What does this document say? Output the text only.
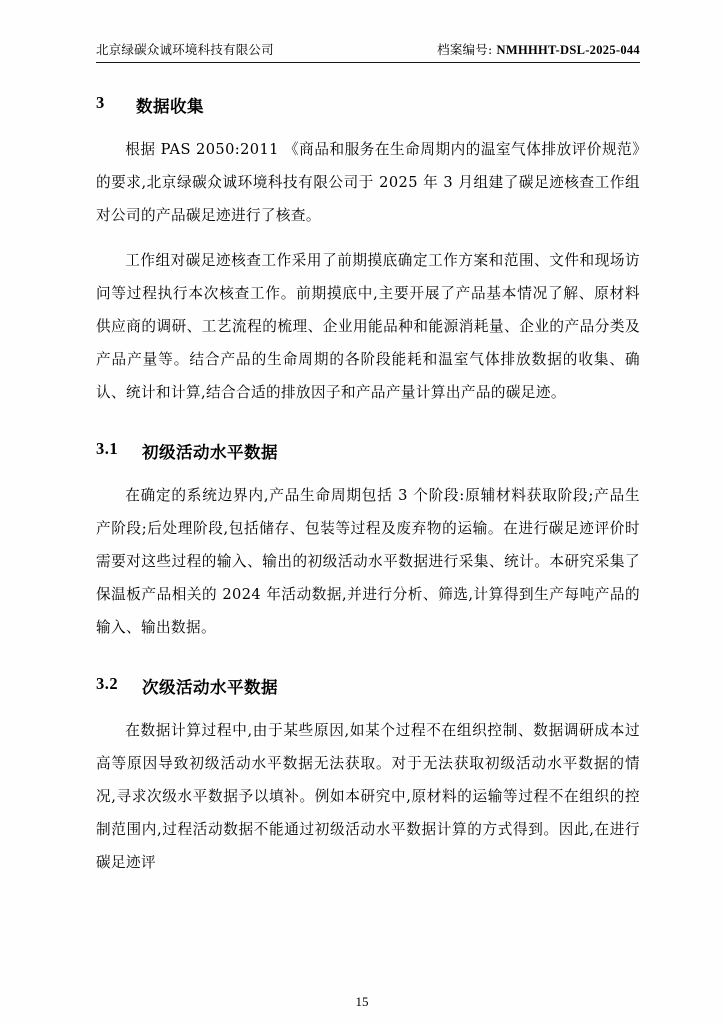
北京绿碳众诚环境科技有限公司	档案编号: NMHHHT-DSL-2025-044
3	数据收集

根据 PAS 2050:2011 《商品和服务在生命周期内的温室气体排放评价规范》的要求,北京绿碳众诚环境科技有限公司于 2025 年 3 月组建了碳足迹核查工作组对公司的产品碳足迹进行了核查。

工作组对碳足迹核查工作采用了前期摸底确定工作方案和范围、文件和现场访问等过程执行本次核查工作。前期摸底中,主要开展了产品基本情况了解、原材料供应商的调研、工艺流程的梳理、企业用能品种和能源消耗量、企业的产品分类及产品产量等。结合产品的生命周期的各阶段能耗和温室气体排放数据的收集、确认、统计和计算,结合合适的排放因子和产品产量计算出产品的碳足迹。

3.1	初级活动水平数据

在确定的系统边界内,产品生命周期包括 3 个阶段:原辅材料获取阶段;产品生产阶段;后处理阶段,包括储存、包装等过程及废弃物的运输。在进行碳足迹评价时需要对这些过程的输入、输出的初级活动水平数据进行采集、统计。本研究采集了保温板产品相关的 2024 年活动数据,并进行分析、筛选,计算得到生产每吨产品的输入、输出数据。

3.2	次级活动水平数据

在数据计算过程中,由于某些原因,如某个过程不在组织控制、数据调研成本过高等原因导致初级活动水平数据无法获取。对于无法获取初级活动水平数据的情况,寻求次级水平数据予以填补。例如本研究中,原材料的运输等过程不在组织的控制范围内,过程活动数据不能通过初级活动水平数据计算的方式得到。因此,在进行碳足迹评

15
